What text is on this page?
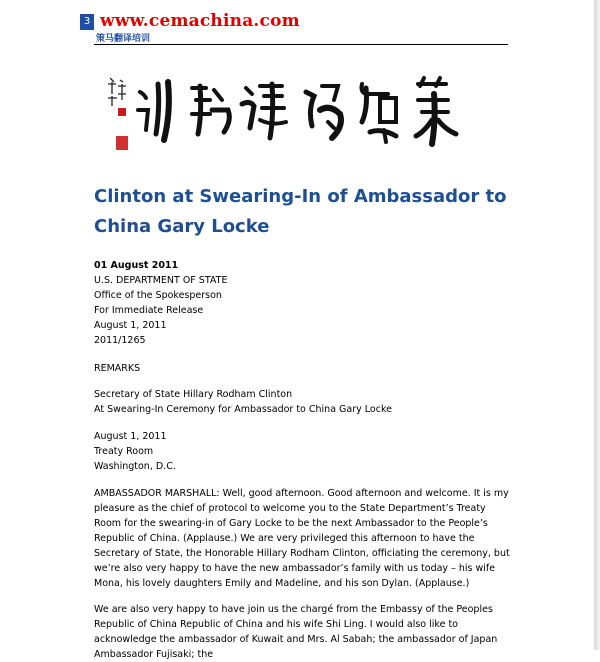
3 www.cemachina.com
策马翻译培训
Clinton at Swearing-In of Ambassador to China Gary Locke
01 August 2011
U.S. DEPARTMENT OF STATE
Office of the Spokesperson
For Immediate Release
August 1, 2011
2011/1265
REMARKS
Secretary of State Hillary Rodham Clinton
At Swearing-In Ceremony for Ambassador to China Gary Locke
August 1, 2011
Treaty Room
Washington, D.C.
AMBASSADOR MARSHALL: Well, good afternoon. Good afternoon and welcome. It is my pleasure as the chief of protocol to welcome you to the State Department’s Treaty Room for the swearing-in of Gary Locke to be the next Ambassador to the People’s Republic of China. (Applause.) We are very privileged this afternoon to have the Secretary of State, the Honorable Hillary Rodham Clinton, officiating the ceremony, but we’re also very happy to have the new ambassador’s family with us today – his wife Mona, his lovely daughters Emily and Madeline, and his son Dylan. (Applause.)
We are also very happy to have join us the chargé from the Embassy of the Peoples Republic of China Republic of China and his wife Shi Ling. I would also like to acknowledge the ambassador of Kuwait and Mrs. Al Sabah; the ambassador of Japan Ambassador Fujisaki; the
